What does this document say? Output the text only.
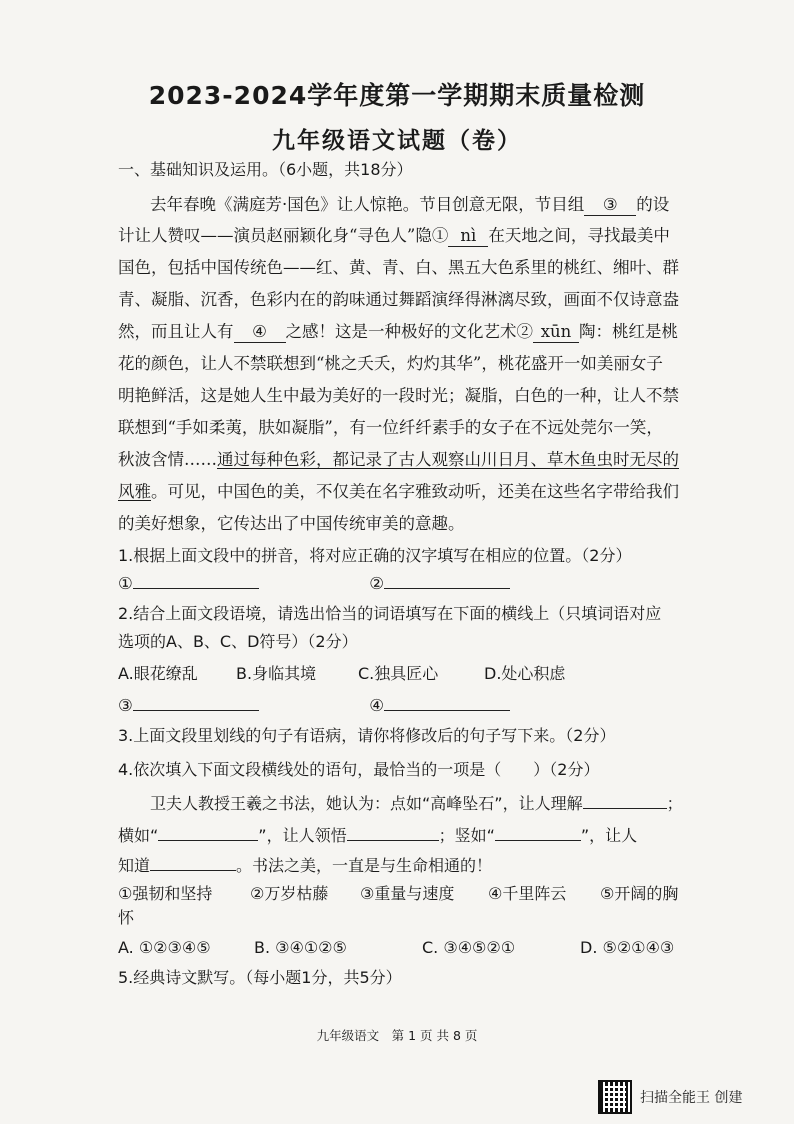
2023-2024学年度第一学期期末质量检测
九年级语文试题（卷）
一、基础知识及运用。（6小题，共18分）
去年春晚《满庭芳·国色》让人惊艳。节目创意无限，节目组 ③ 的设
计让人赞叹——演员赵丽颖化身“寻色人”隐① nì 在天地之间，寻找最美中
国色，包括中国传统色——红、黄、青、白、黑五大色系里的桃红、缃叶、群
青、凝脂、沉香，色彩内在的韵味通过舞蹈演绎得淋漓尽致，画面不仅诗意盎
然，而且让人有 ④ 之感！这是一种极好的文化艺术② xūn 陶：桃红是桃
花的颜色，让人不禁联想到“桃之夭夭，灼灼其华”，桃花盛开一如美丽女子
明艳鲜活，这是她人生中最为美好的一段时光；凝脂，白色的一种，让人不禁
联想到“手如柔荑，肤如凝脂”，有一位纤纤素手的女子在不远处莞尔一笑，
秋波含情……通过每种色彩，都记录了古人观察山川日月、草木鱼虫时无尽的
风雅。可见，中国色的美，不仅美在名字雅致动听，还美在这些名字带给我们
的美好想象，它传达出了中国传统审美的意趣。
1.根据上面文段中的拼音，将对应正确的汉字填写在相应的位置。（2分）
①	②
2.结合上面文段语境，请选出恰当的词语填写在下面的横线上（只填词语对应
选项的A、B、C、D符号）（2分）
A.眼花缭乱 B.身临其境	C.独具匠心	D.处心积虑
③	④
3.上面文段里划线的句子有语病，请你将修改后的句子写下来。（2分）
4.依次填入下面文段横线处的语句，最恰当的一项是（　　）（2分）
卫夫人教授王羲之书法，她认为：点如“高峰坠石”，让人理解	；
横如“	”，让人领悟	；竖如“	”，让人
知道	。书法之美，一直是与生命相通的！
①强韧和坚持 ②万岁枯藤 ③重量与速度 ④千里阵云 ⑤开阔的胸
怀
A. ①②③④⑤	B. ③④①②⑤	C. ③④⑤②①	D. ⑤②①④③
5.经典诗文默写。（每小题1分，共5分）
九年级语文　第 1 页 共 8 页
扫描全能王 创建
